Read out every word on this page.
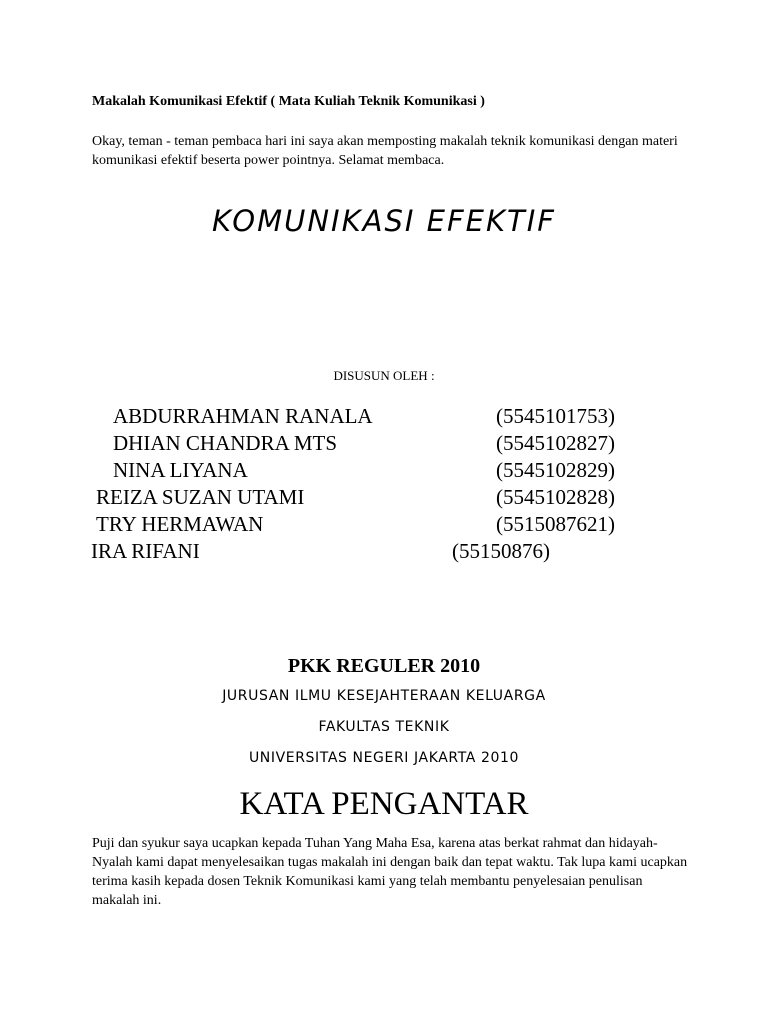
Makalah Komunikasi Efektif ( Mata Kuliah Teknik Komunikasi )
Okay, teman - teman pembaca hari ini saya akan memposting makalah teknik komunikasi dengan materi komunikasi efektif beserta power pointnya. Selamat membaca.
KOMUNIKASI EFEKTIF
DISUSUN OLEH :
ABDURRAHMAN RANALA	(5545101753)
DHIAN CHANDRA MTS	(5545102827)
NINA LIYANA	(5545102829)
REIZA SUZAN UTAMI	(5545102828)
TRY HERMAWAN	(5515087621)
IRA RIFANI	(55150876)
PKK REGULER 2010
JURUSAN ILMU KESEJAHTERAAN KELUARGA
FAKULTAS TEKNIK
UNIVERSITAS NEGERI JAKARTA 2010
KATA PENGANTAR
Puji dan syukur saya ucapkan kepada Tuhan Yang Maha Esa, karena atas berkat rahmat dan hidayah-Nyalah kami dapat menyelesaikan tugas makalah ini dengan baik dan tepat waktu. Tak lupa kami ucapkan terima kasih kepada dosen Teknik Komunikasi kami yang telah membantu penyelesaian penulisan makalah ini.
